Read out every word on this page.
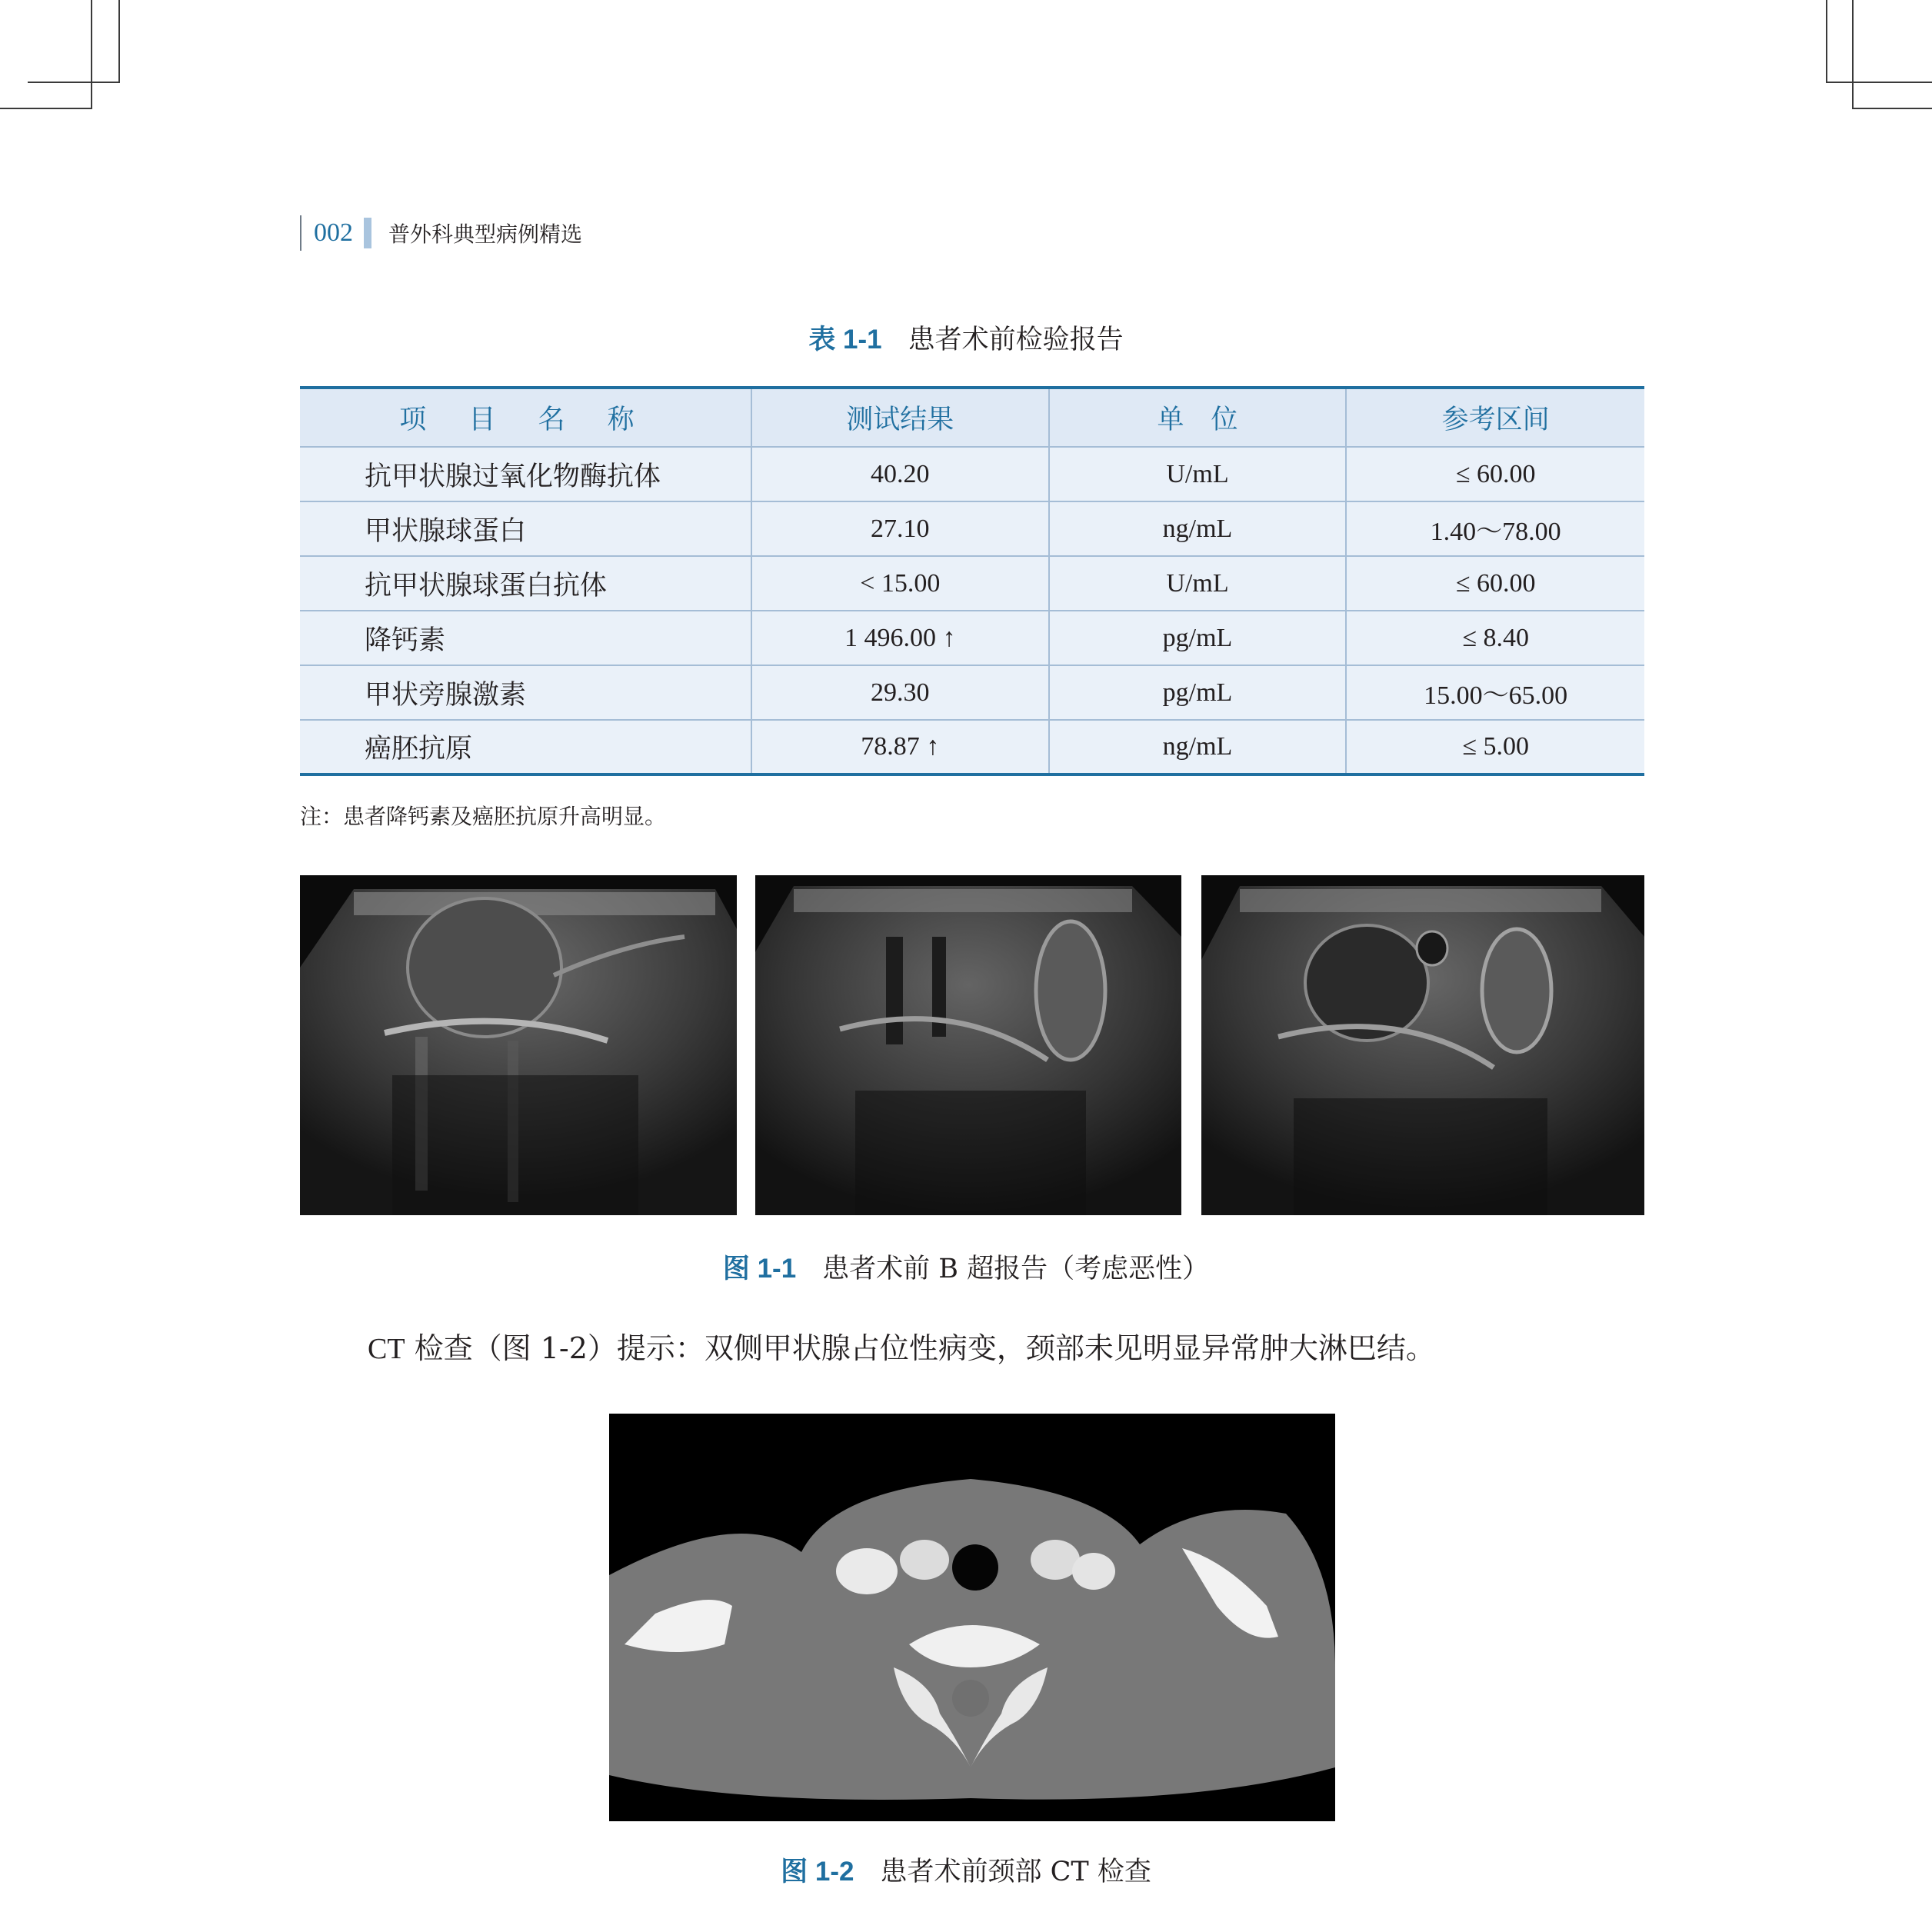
002 普外科典型病例精选
表 1-1 患者术前检验报告
项 目 名 称	测试结果	单　位	参考区间
抗甲状腺过氧化物酶抗体	40.20	U/mL	≤ 60.00
甲状腺球蛋白	27.10	ng/mL	1.40～78.00
抗甲状腺球蛋白抗体	< 15.00	U/mL	≤ 60.00
降钙素	1 496.00 ↑	pg/mL	≤ 8.40
甲状旁腺激素	29.30	pg/mL	15.00～65.00
癌胚抗原	78.87 ↑	ng/mL	≤ 5.00
注：患者降钙素及癌胚抗原升高明显。
图 1-1 患者术前 B 超报告（考虑恶性）
CT 检查（图 1-2）提示：双侧甲状腺占位性病变，颈部未见明显异常肿大淋巴结。
图 1-2 患者术前颈部 CT 检查
